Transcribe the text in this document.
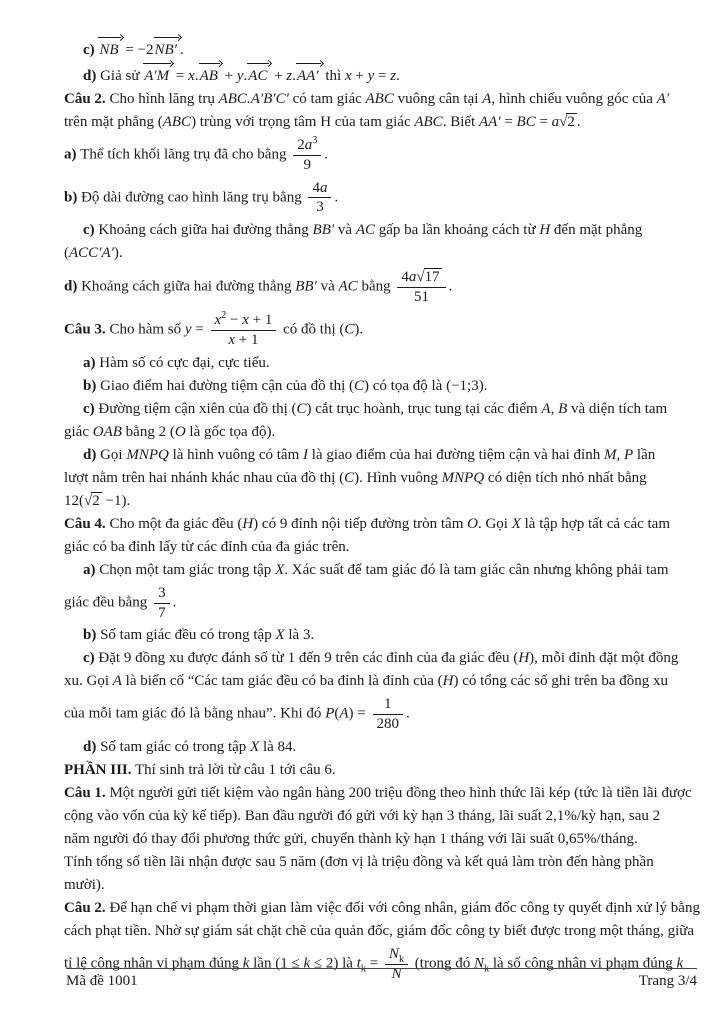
c) NB = −2NB′ .
d) Giả sử A′M = x.AB + y.AC + z.AA′ thì x + y = z.
Câu 2. Cho hình lăng trụ ABC.A′B′C′ có tam giác ABC vuông cân tại A, hình chiếu vuông góc của A′
trên mặt phẳng (ABC) trùng với trọng tâm H của tam giác ABC. Biết AA′ = BC = a√2 .
a) Thể tích khối lăng trụ đã cho bằng $\frac{2a^3}{9}$ .
b) Độ dài đường cao hình lăng trụ bằng $\frac{4a}{3}$ .
c) Khoảng cách giữa hai đường thẳng BB′ và AC gấp ba lần khoảng cách từ H đến mặt phẳng
(ACC′A′).
d) Khoảng cách giữa hai đường thẳng BB′ và AC bằng $\frac{4a√17}{51}$ .
Câu 3. Cho hàm số $y = \frac{x^2 - x + 1}{x + 1}$ có đồ thị (C).
a) Hàm số có cực đại, cực tiểu.
b) Giao điểm hai đường tiệm cận của đồ thị (C) có tọa độ là (−1;3).
c) Đường tiệm cận xiên của đồ thị (C) cắt trục hoành, trục tung tại các điểm A, B và diện tích tam
giác OAB bằng 2 (O là gốc tọa độ).
d) Gọi MNPQ là hình vuông có tâm I là giao điểm của hai đường tiệm cận và hai đỉnh M, P lần
lượt nằm trên hai nhánh khác nhau của đồ thị (C). Hình vuông MNPQ có diện tích nhỏ nhất bằng
12(√2 −1).
Câu 4. Cho một đa giác đều (H) có 9 đỉnh nội tiếp đường tròn tâm O. Gọi X là tập hợp tất cả các tam
giác có ba đỉnh lấy từ các đỉnh của đa giác trên.
a) Chọn một tam giác trong tập X. Xác suất để tam giác đó là tam giác cân nhưng không phải tam
giác đều bằng $\frac{3}{7}$ .
b) Số tam giác đều có trong tập X là 3.
c) Đặt 9 đồng xu được đánh số từ 1 đến 9 trên các đỉnh của đa giác đều (H), mỗi đỉnh đặt một đồng
xu. Gọi A là biến cố “Các tam giác đều có ba đỉnh là đỉnh của (H) có tổng các số ghi trên ba đồng xu
của mỗi tam giác đó là bằng nhau”. Khi đó $P(A) = \frac{1}{280}$ .
d) Số tam giác có trong tập X là 84.
PHẦN III. Thí sinh trả lời từ câu 1 tới câu 6.
Câu 1. Một người gửi tiết kiệm vào ngân hàng 200 triệu đồng theo hình thức lãi kép (tức là tiền lãi được
cộng vào vốn của kỳ kế tiếp). Ban đầu người đó gửi với kỳ hạn 3 tháng, lãi suất 2,1%/kỳ hạn, sau 2
năm người đó thay đổi phương thức gửi, chuyển thành kỳ hạn 1 tháng với lãi suất 0,65%/tháng.
Tính tổng số tiền lãi nhận được sau 5 năm (đơn vị là triệu đồng và kết quả làm tròn đến hàng phần
mười).
Câu 2. Để hạn chế vi phạm thời gian làm việc đối với công nhân, giám đốc công ty quyết định xử lý bằng
cách phạt tiền. Nhờ sự giám sát chặt chẽ của quản đốc, giám đốc công ty biết được trong một tháng, giữa
tỉ lệ công nhân vi phạm đúng k lần (1 ≤ k ≤ 2) là $t_k = \frac{N_k}{N}$ (trong đó $N_k$ là số công nhân vi phạm đúng k
Mã đề 1001	Trang 3/4
